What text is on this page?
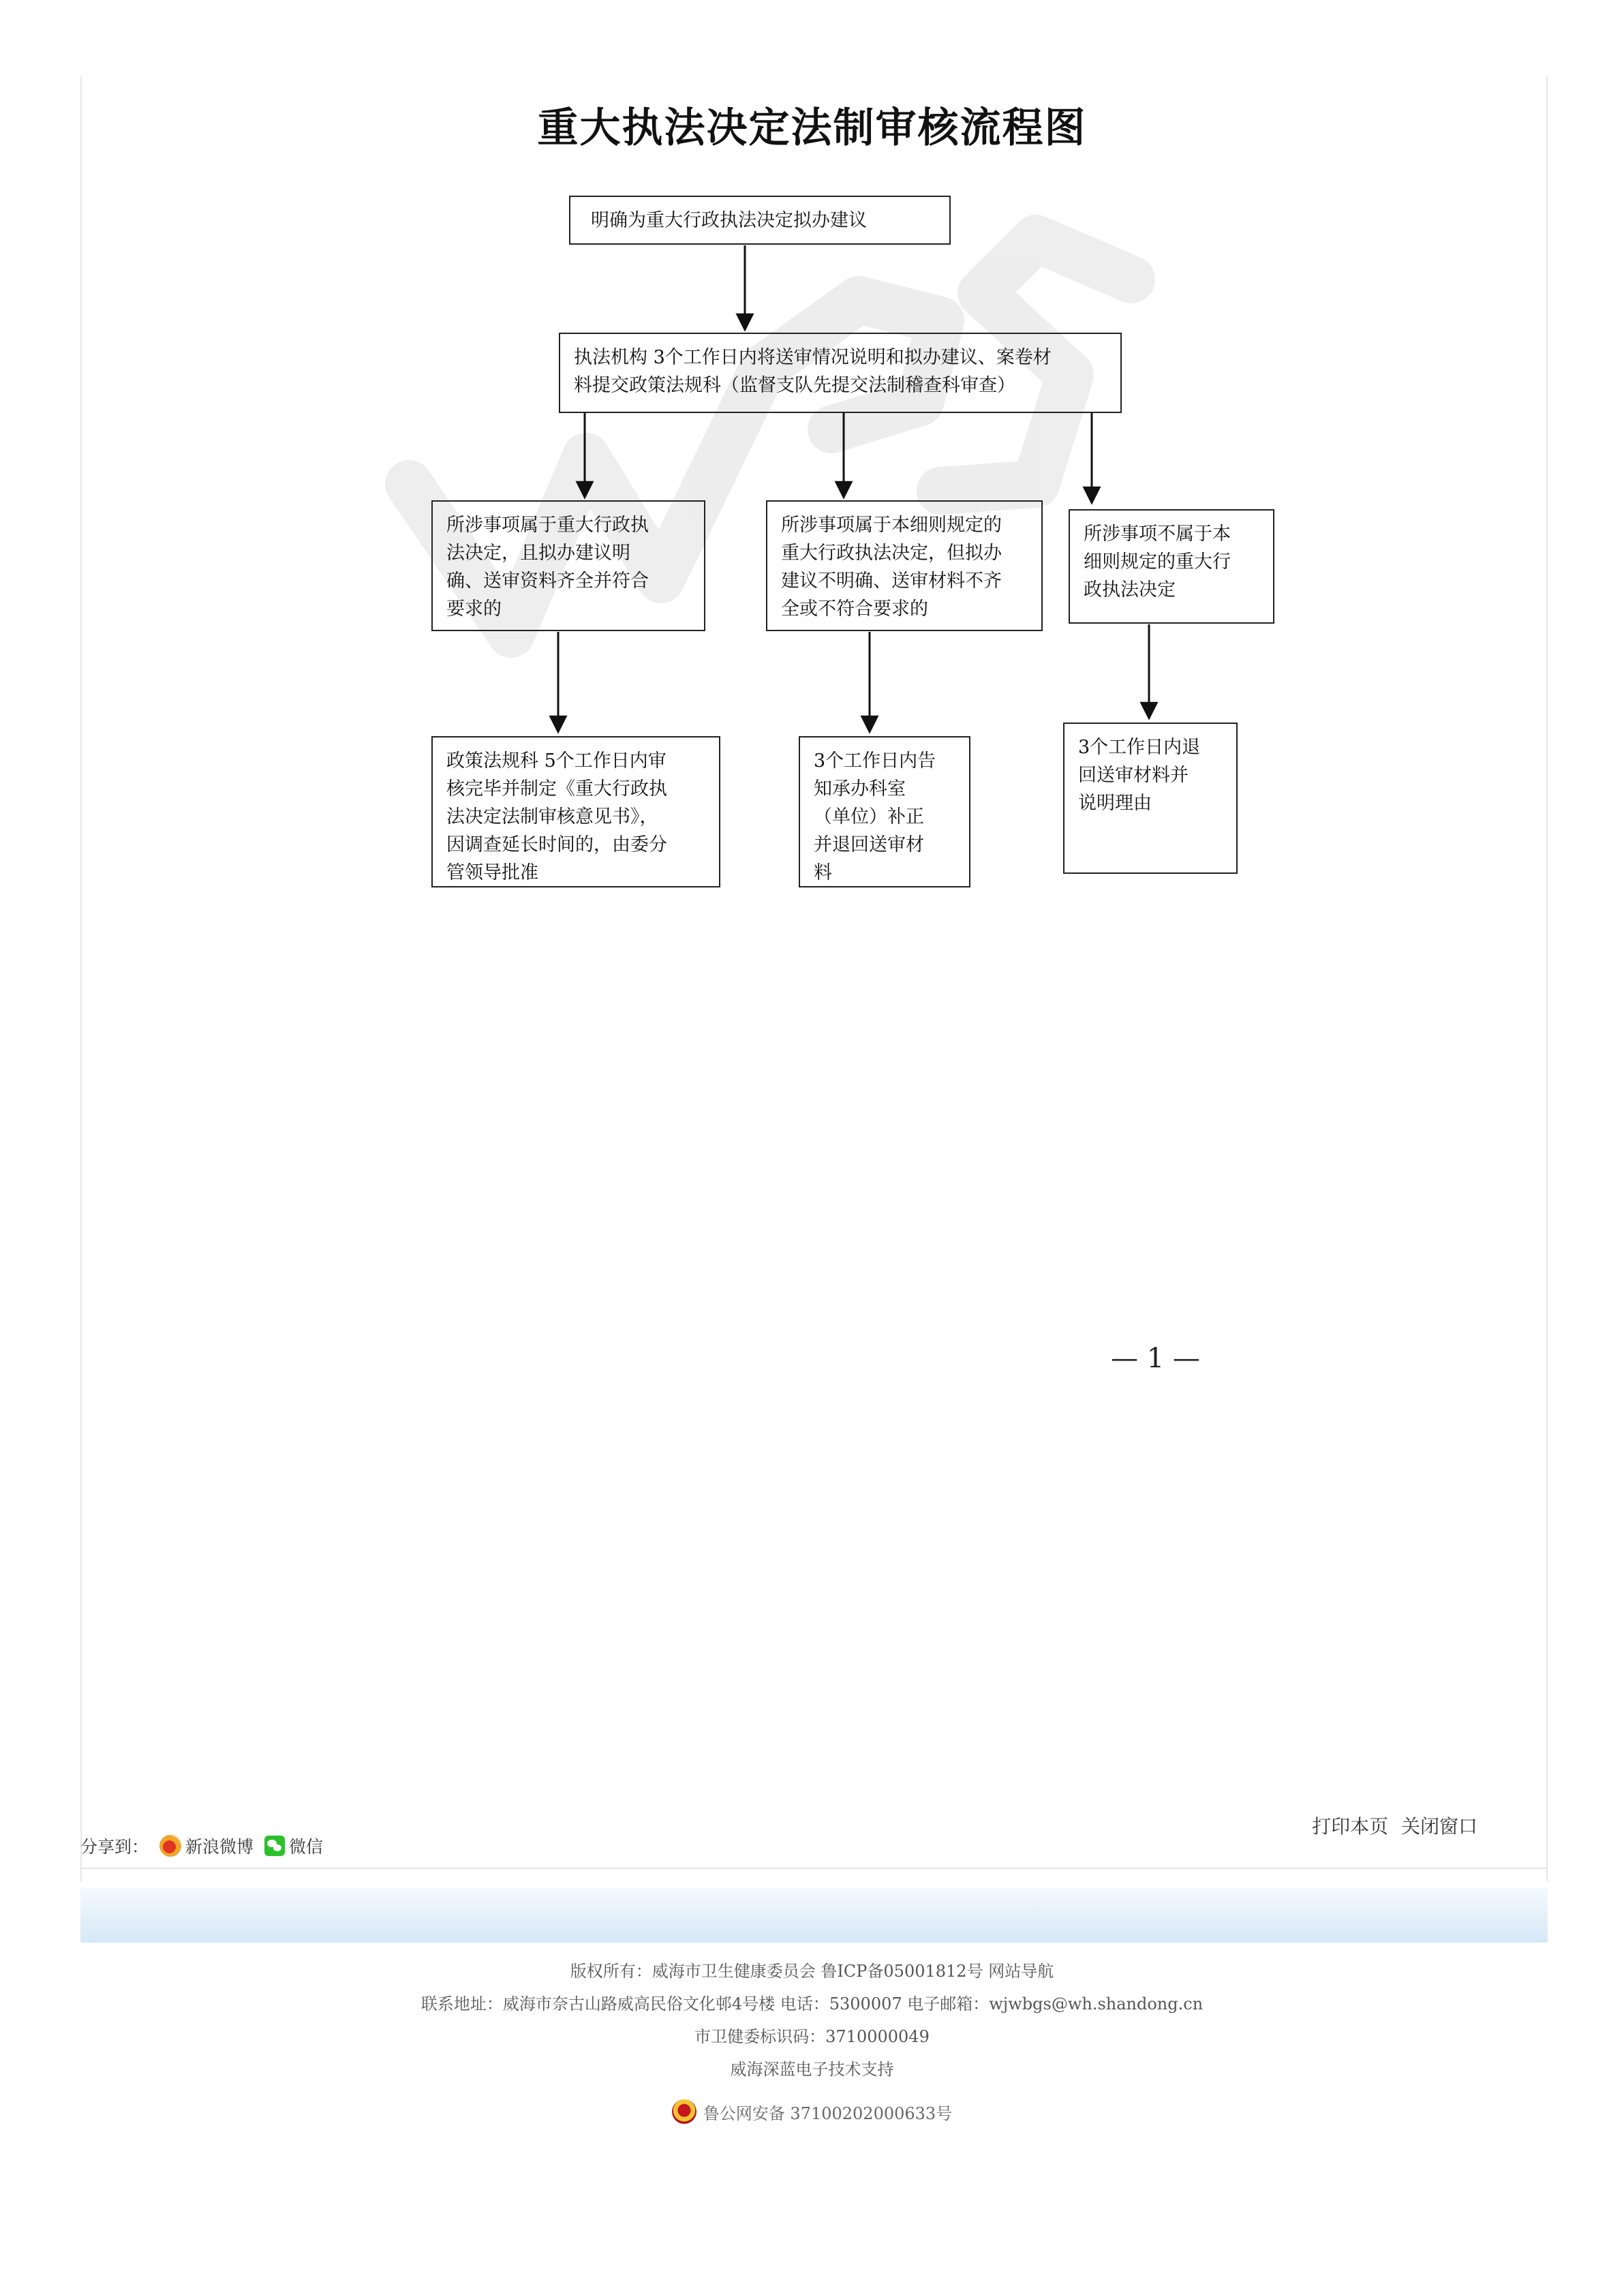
重大执法决定法制审核流程图
明确为重大行政执法决定拟办建议
执法机构 3个工作日内将送审情况说明和拟办建议、案卷材
料提交政策法规科（监督支队先提交法制稽查科审查）
所涉事项属于重大行政执
法决定，且拟办建议明
确、送审资料齐全并符合
要求的
所涉事项属于本细则规定的
重大行政执法决定，但拟办
建议不明确、送审材料不齐
全或不符合要求的
所涉事项不属于本
细则规定的重大行
政执法决定
政策法规科 5个工作日内审
核完毕并制定《重大行政执
法决定法制审核意见书》，
因调查延长时间的，由委分
管领导批准
3个工作日内告
知承办科室
（单位）补正
并退回送审材
料
3个工作日内退
回送审材料并
说明理由
— 1 —
打印本页 关闭窗口
分享到： 新浪微博 微信
版权所有：威海市卫生健康委员会 鲁ICP备05001812号 网站导航
联系地址：威海市奈古山路威高民俗文化邨4号楼 电话：5300007 电子邮箱：wjwbgs@wh.shandong.cn
市卫健委标识码：3710000049
威海深蓝电子技术支持
鲁公网安备 37100202000633号
